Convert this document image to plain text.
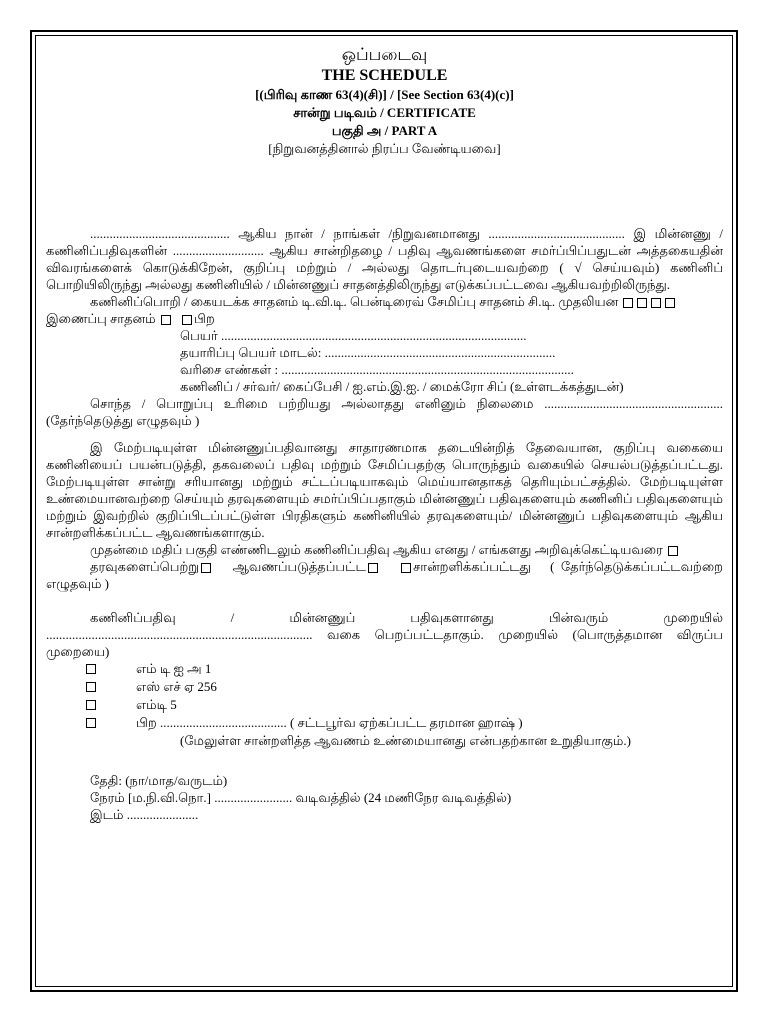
ஒப்படைவு
THE SCHEDULE
[(பிரிவு காண 63(4)(சி)] / [See Section 63(4)(c)]
சான்று படிவம் / CERTIFICATE
பகுதி அ / PART A
[நிறுவனத்தினால் நிரப்ப வேண்டியவை]

........................................... ஆகிய நான் / நாங்கள் /நிறுவனமானது .......................................... இ மின்னணு / கணினிப்பதிவுகளின் ............................ ஆகிய சான்றிதழை / பதிவு ஆவணங்களை சமர்ப்பிப்பதுடன் அத்தகையதின் விவரங்களைக் கொடுக்கிறேன், குறிப்பு மற்றும் / அல்லது தொடர்புடையவற்றை ( √ செய்யவும்) கணினிப் பொறியிலிருந்து அல்லது கணினியில் / மின்னணுப் சாதனத்திலிருந்து எடுக்கப்பட்டவை ஆகியவற்றிலிருந்து.

கணினிப்பொறி / கையடக்க சாதனம் டி.வி.டி. பென்டிரைவ் சேமிப்பு சாதனம் சி.டி. முதலியன

இணைப்பு சாதனம்	பிற
பெயர் ..............................................................................................
தயாரிப்பு பெயர் மாடல்: .......................................................................
வரிசை எண்கள் : ..........................................................................................
கணினிப் / சர்வர்/ கைப்பேசி / ஐ.எம்.இ.ஐ. / மைக்ரோ சிப் (உள்ளடக்கத்துடன்)

சொந்த / பொறுப்பு உரிமை பற்றியது அல்லாதது எனினும் நிலைமை ....................................................... (தேர்ந்தெடுத்து எழுதவும் )

இ மேற்படியுள்ள மின்னணுப்பதிவானது சாதாரணமாக தடையின்றித் தேவையான, குறிப்பு வகையை கணினியைப் பயன்படுத்தி, தகவலைப் பதிவு மற்றும் சேமிப்பதற்கு பொருந்தும் வகையில் செயல்படுத்தப்பட்டது. மேற்படியுள்ள சான்று சரியானது மற்றும் சட்டப்படியாகவும் மெய்யானதாகத் தெரியும்பட்சத்தில். மேற்படியுள்ள உண்மையானவற்றை செய்யும் தரவுகளையும் சமர்ப்பிப்பதாகும் மின்னணுப் பதிவுகளையும் கணினிப் பதிவுகளையும் மற்றும் இவற்றில் குறிப்பிடப்பட்டுள்ள பிரதிகளும் கணினியில் தரவுகளையும்/ மின்னணுப் பதிவுகளையும் ஆகிய சான்றளிக்கப்பட்ட ஆவணங்களாகும்.

முதன்மை மதிப் பகுதி எண்ணிடலும் கணினிப்பதிவு ஆகிய எனது / எங்களது அறிவுக்கெட்டியவரை

தரவுகளைப்பெற்று	ஆவணப்படுத்தப்பட்ட	சான்றளிக்கப்பட்டது ( தேர்ந்தெடுக்கப்பட்டவற்றை எழுதவும் )

கணினிப்பதிவு / மின்னணுப் பதிவுகளானது பின்வரும் முறையில் .................................................................................. வகை பெறப்பட்டதாகும். முறையில் (பொருத்தமான விருப்ப முறையை)

எம் டி ஐ அ 1
எஸ் எச் ஏ 256
எம்டி 5
பிற ....................................... ( சட்டபூர்வ ஏற்கப்பட்ட தரமான ஹாஷ் )
(மேலுள்ள சான்றளித்த ஆவணம் உண்மையானது என்பதற்கான உறுதியாகும்.)
தேதி: (நா/மாத/வருடம்)
நேரம் [ம.நி.வி.நொ.] ........................ வடிவத்தில் (24 மணிநேர வடிவத்தில்)
இடம் ......................
